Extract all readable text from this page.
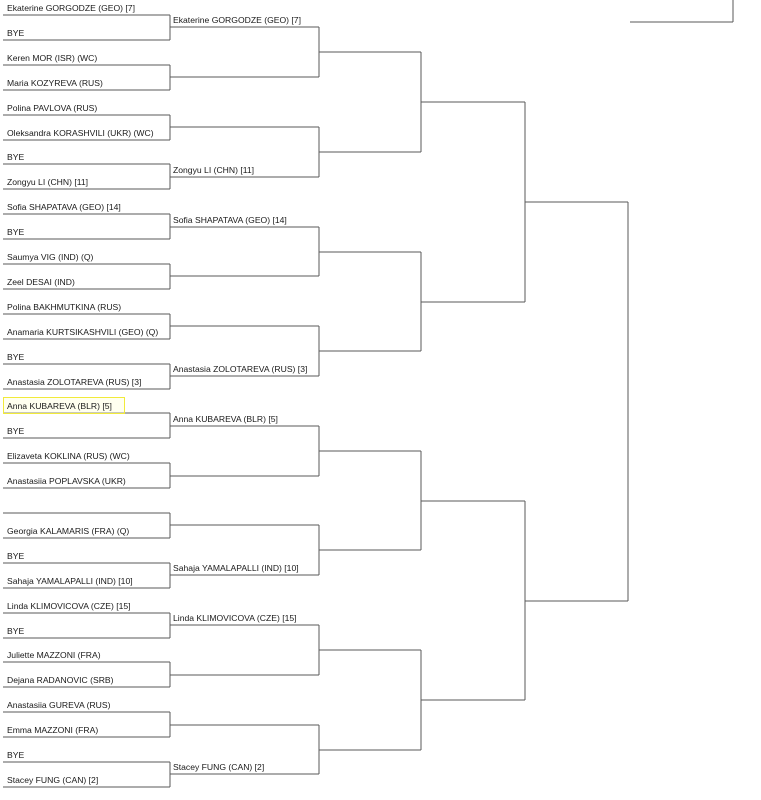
Ekaterine GORGODZE (GEO) [7]
BYE
Keren MOR (ISR) (WC)
Maria KOZYREVA (RUS)
Polina PAVLOVA (RUS)
Oleksandra KORASHVILI (UKR) (WC)
BYE
Zongyu LI (CHN) [11]
Sofia SHAPATAVA (GEO) [14]
BYE
Saumya VIG (IND) (Q)
Zeel DESAI (IND)
Polina BAKHMUTKINA (RUS)
Anamaria KURTSIKASHVILI (GEO) (Q)
BYE
Anastasia ZOLOTAREVA (RUS) [3]
Anna KUBAREVA (BLR) [5]
BYE
Elizaveta KOKLINA (RUS) (WC)
Anastasiia POPLAVSKA (UKR)
Georgia KALAMARIS (FRA) (Q)
BYE
Sahaja YAMALAPALLI (IND) [10]
Linda KLIMOVICOVA (CZE) [15]
BYE
Juliette MAZZONI (FRA)
Dejana RADANOVIC (SRB)
Anastasiia GUREVA (RUS)
Emma MAZZONI (FRA)
BYE
Stacey FUNG (CAN) [2]
Ekaterine GORGODZE (GEO) [7]
Zongyu LI (CHN) [11]
Sofia SHAPATAVA (GEO) [14]
Anastasia ZOLOTAREVA (RUS) [3]
Anna KUBAREVA (BLR) [5]
Sahaja YAMALAPALLI (IND) [10]
Linda KLIMOVICOVA (CZE) [15]
Stacey FUNG (CAN) [2]
